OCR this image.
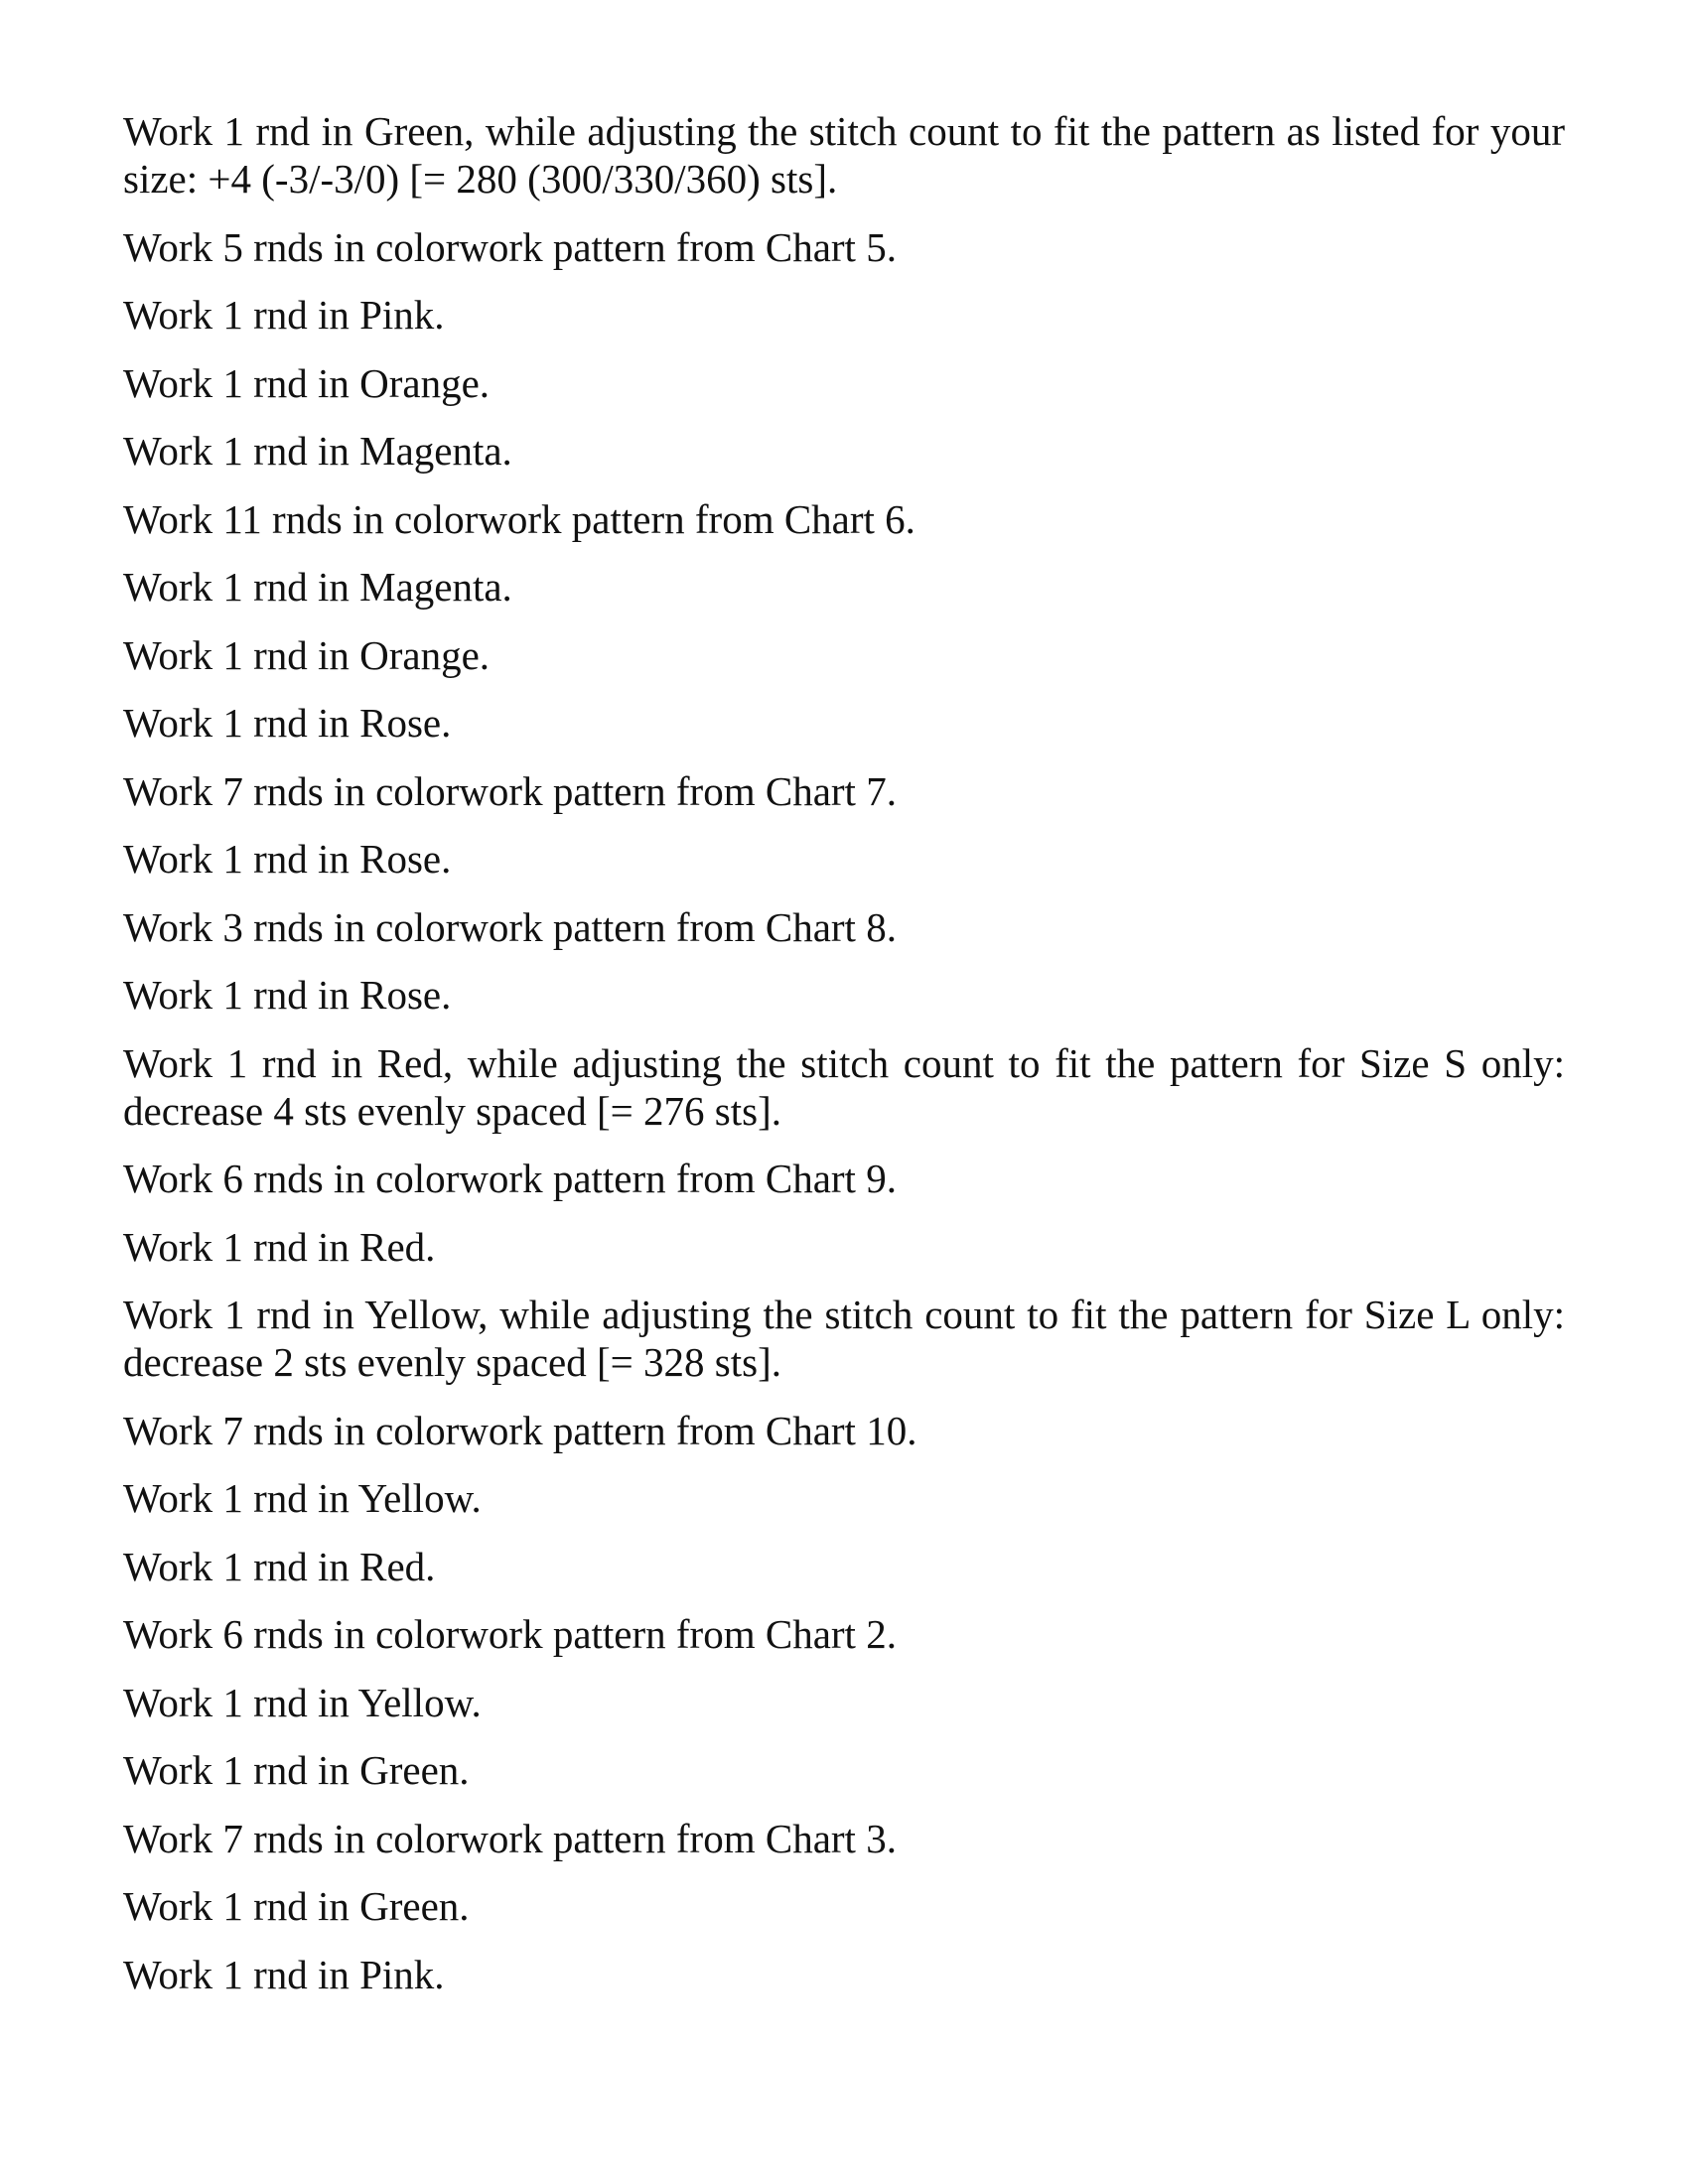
Work 1 rnd in Green, while adjusting the stitch count to fit the pattern as listed for your size: +4 (-3/-3/0) [= 280 (300/330/360) sts].

Work 5 rnds in colorwork pattern from Chart 5.

Work 1 rnd in Pink.

Work 1 rnd in Orange.

Work 1 rnd in Magenta.

Work 11 rnds in colorwork pattern from Chart 6.

Work 1 rnd in Magenta.

Work 1 rnd in Orange.

Work 1 rnd in Rose.

Work 7 rnds in colorwork pattern from Chart 7.

Work 1 rnd in Rose.

Work 3 rnds in colorwork pattern from Chart 8.

Work 1 rnd in Rose.

Work 1 rnd in Red, while adjusting the stitch count to fit the pattern for Size S only: decrease 4 sts evenly spaced [= 276 sts].

Work 6 rnds in colorwork pattern from Chart 9.

Work 1 rnd in Red.

Work 1 rnd in Yellow, while adjusting the stitch count to fit the pattern for Size L only: decrease 2 sts evenly spaced [= 328 sts].

Work 7 rnds in colorwork pattern from Chart 10.

Work 1 rnd in Yellow.

Work 1 rnd in Red.

Work 6 rnds in colorwork pattern from Chart 2.

Work 1 rnd in Yellow.

Work 1 rnd in Green.

Work 7 rnds in colorwork pattern from Chart 3.

Work 1 rnd in Green.

Work 1 rnd in Pink.
